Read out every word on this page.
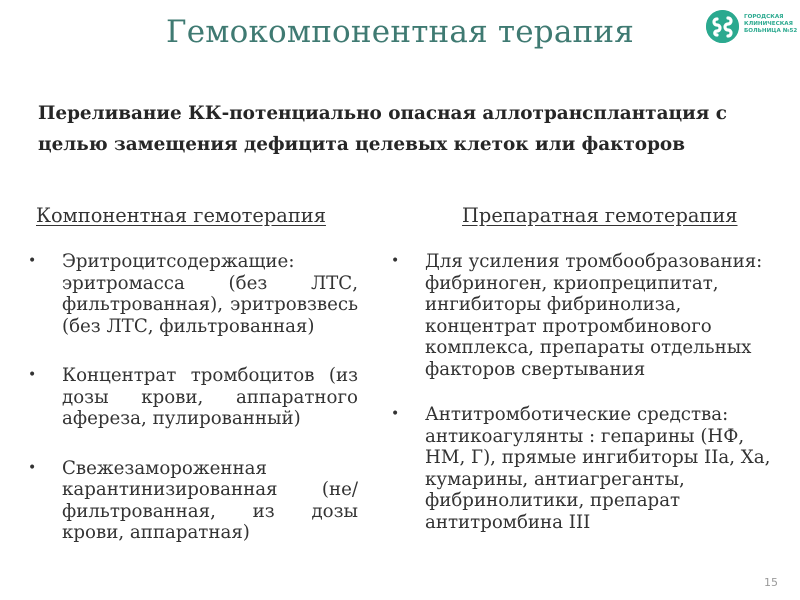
Гемокомпонентная терапия	ГОРОДСКАЯ
КЛИНИЧЕСКАЯ
БОЛЬНИЦА №52
Переливание КК-потенциально опасная аллотрансплантация с целью замещения дефицита целевых клеток или факторов
Компонентная гемотерапия	Препаратная гемотерапия
• Эритроцитсодержащие: эритромасса (без ЛТС, фильтрованная), эритровзвесь (без ЛТС, фильтрованная)
• Концентрат тромбоцитов (из дозы крови, аппаратного афереза, пулированный)
• Свежезамороженная карантинизированная (не/фильтрованная, из дозы крови, аппаратная)
• Для усиления тромбообразования: фибриноген, криопреципитат, ингибиторы фибринолиза, концентрат протромбинового комплекса, препараты отдельных факторов свертывания
• Антитромботические средства: антикоагулянты : гепарины (НФ, НМ, Г), прямые ингибиторы IIa, Xa, кумарины, антиагреганты, фибринолитики, препарат антитромбина III
15
